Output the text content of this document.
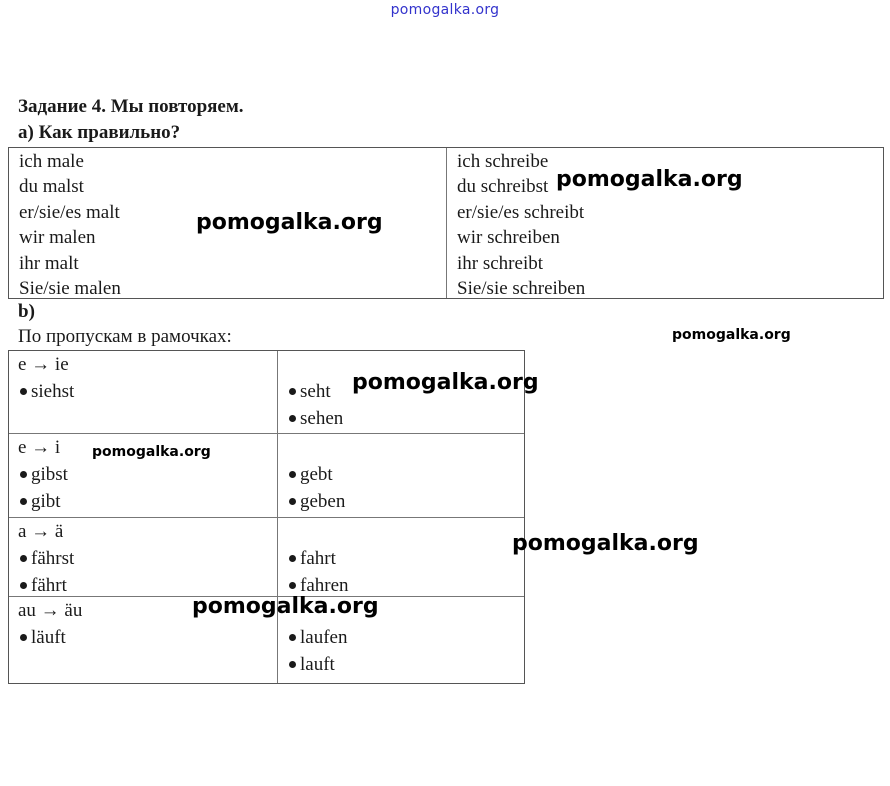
pomogalka.org
Задание 4. Мы повторяем.
а) Как правильно?
ich male
du malst
er/sie/es malt
wir malen
ihr malt
Sie/sie malen
ich schreibe
du schreibst
er/sie/es schreibt
wir schreiben
ihr schreibt
Sie/sie schreiben
b)
По пропускам в рамочках:
e → ie
siehst	seht
sehen
e → i
gibst
gibt
gebt
geben
a → ä
fährst
fährt
fahrt
fahren
au → äu
läuft	laufen
lauft
pomogalka.org
pomogalka.org
pomogalka.org
pomogalka.org
pomogalka.org
pomogalka.org
pomogalka.org
